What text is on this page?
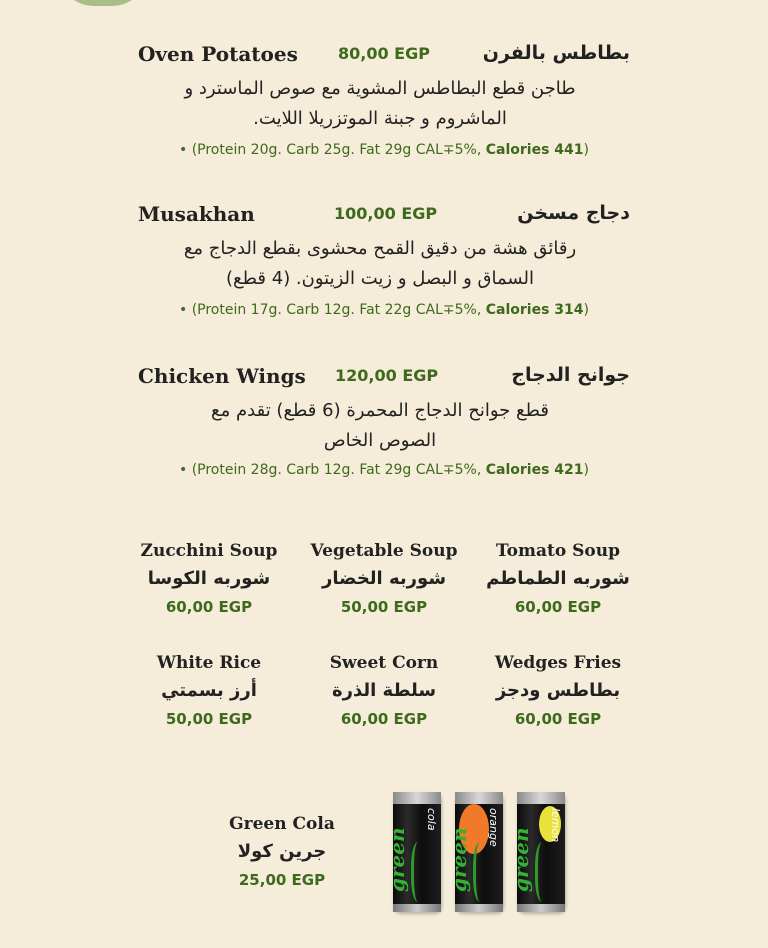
Oven Potatoes	80,00 EGP	بطاطس بالفرن
طاجن قطع البطاطس المشوية مع صوص الماسترد و
الماشروم و جبنة الموتزريلا اللايت.
• (Protein 20g. Carb 25g. Fat 29g CAL∓5%, Calories 441)
Musakhan	100,00 EGP	دجاج مسخن
رقائق هشة من دقيق القمح محشوى بقطع الدجاج مع
السماق و البصل و زيت الزيتون. (4 قطع)
• (Protein 17g. Carb 12g. Fat 22g CAL∓5%, Calories 314)
Chicken Wings 120,00 EGP	جوانح الدجاج
قطع جوانح الدجاج المحمرة (6 قطع) تقدم مع
الصوص الخاص
• (Protein 28g. Carb 12g. Fat 29g CAL∓5%, Calories 421)
Zucchini Soup
شوربه الكوسا
60,00 EGP
Vegetable Soup
شوربه الخضار
50,00 EGP
Tomato Soup
شوربه الطماطم
60,00 EGP
White Rice
أرز بسمتي
50,00 EGP
Sweet Corn
سلطة الذرة
60,00 EGP
Wedges Fries
بطاطس ودجز
60,00 EGP
Green Cola
جرين كولا
25,00 EGP	green
cola
green
orange
green
lemon
